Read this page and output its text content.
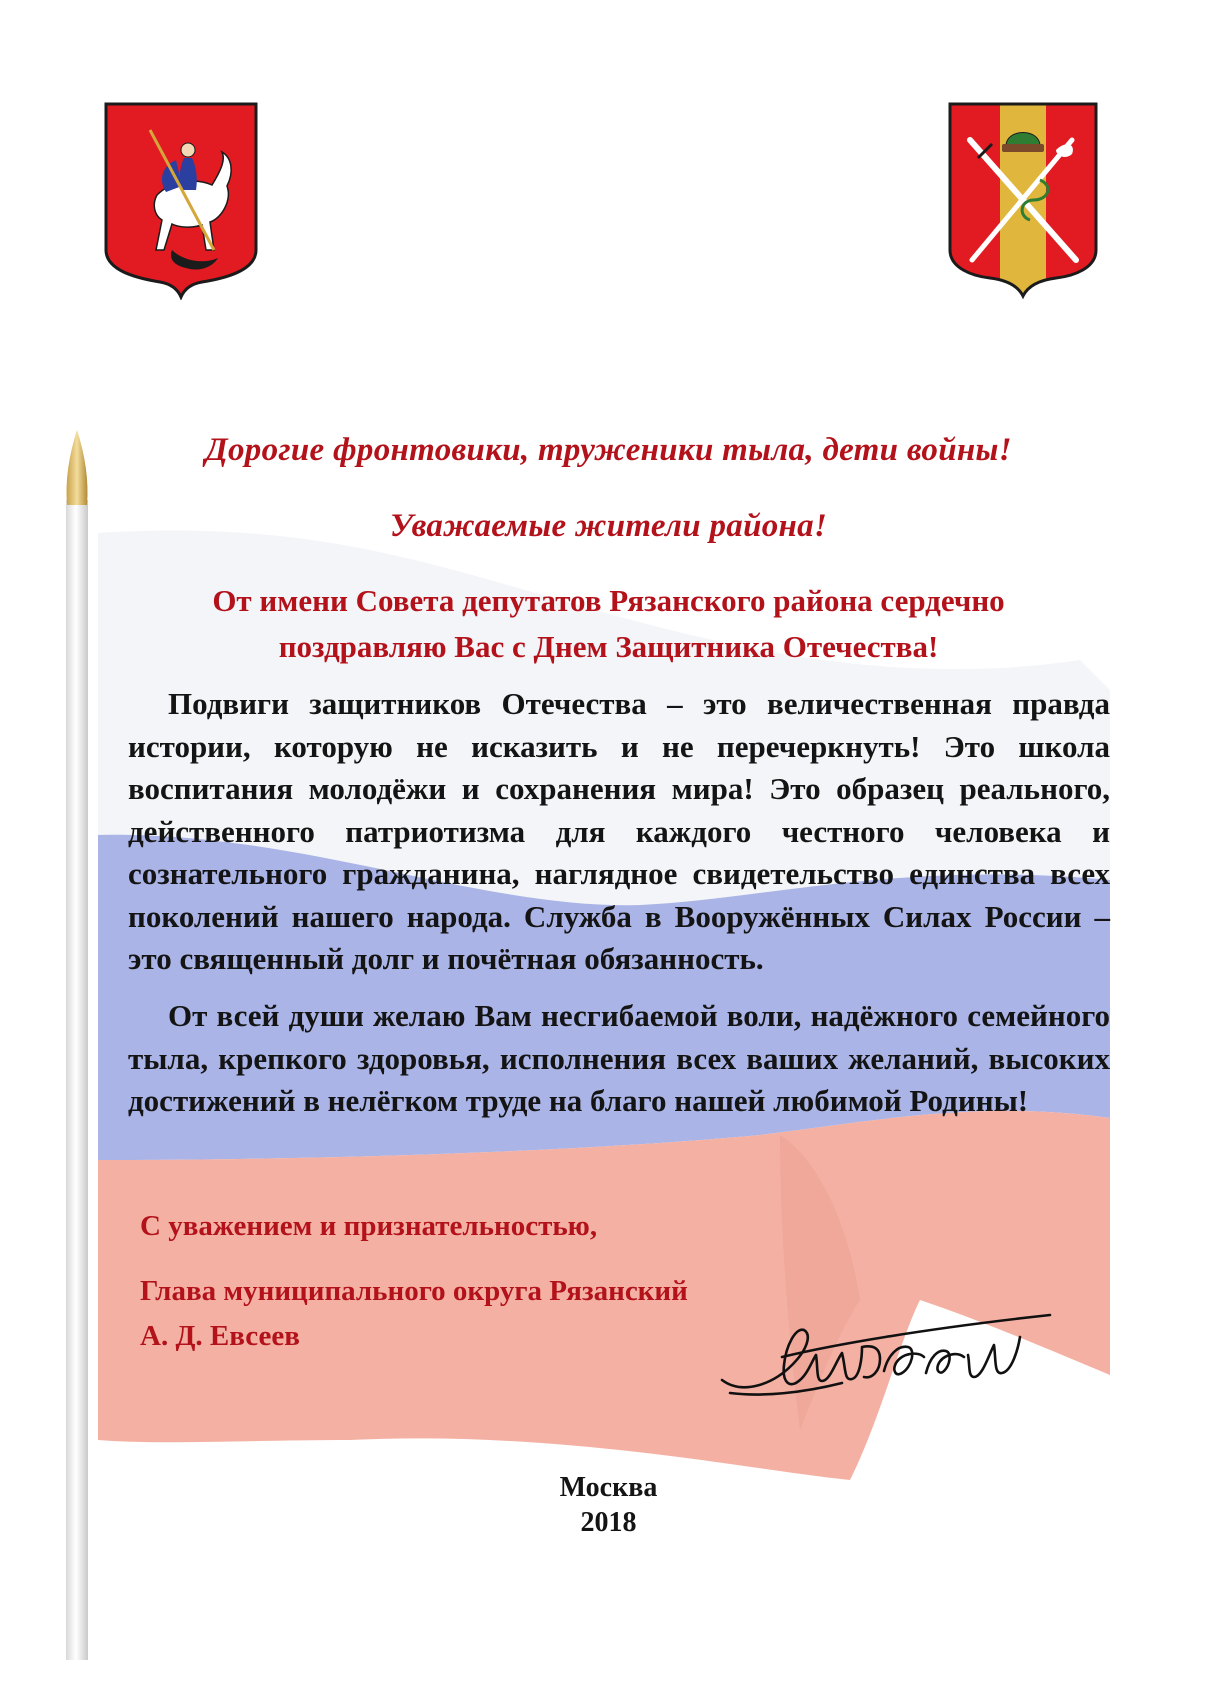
Дорогие фронтовики, труженики тыла, дети войны!
Уважаемые жители района!
От имени Совета депутатов Рязанского района сердечно
поздравляю Вас с Днем Защитника Отечества!

Подвиги защитников Отечества – это величественная правда истории, которую не исказить и не перечеркнуть! Это школа воспитания молодёжи и сохранения мира! Это образец реального, действенного патриотизма для каждого честного человека и сознательного гражданина, наглядное свидетельство единства всех поколений нашего народа. Служба в Вооружённых Силах России – это священный долг и почётная обязанность.

От всей души желаю Вам несгибаемой воли, надёжного семейного тыла, крепкого здоровья, исполнения всех ваших желаний, высоких достижений в нелёгком труде на благо нашей любимой Родины!

С уважением и признательностью,

Глава муниципального округа Рязанский

А. Д. Евсеев

Москва

2018
